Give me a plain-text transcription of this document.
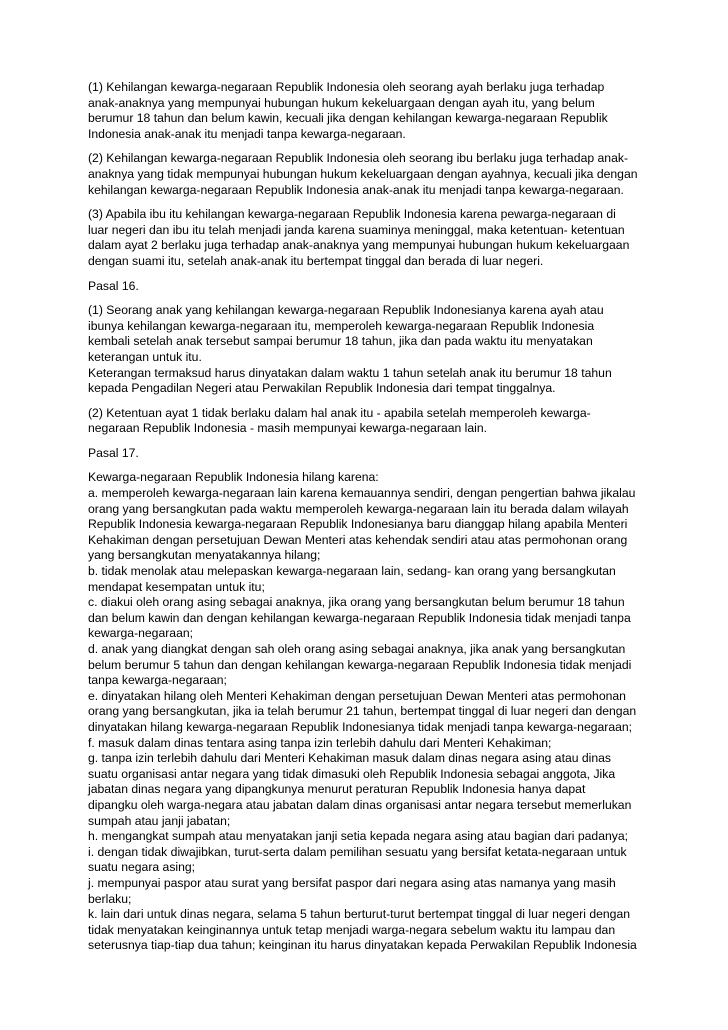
(1) Kehilangan kewarga-negaraan Republik Indonesia oleh seorang ayah berlaku juga terhadap
anak-anaknya yang mempunyai hubungan hukum kekeluargaan dengan ayah itu, yang belum
berumur 18 tahun dan belum kawin, kecuali jika dengan kehilangan kewarga-negaraan Republik
Indonesia anak-anak itu menjadi tanpa kewarga-negaraan.
(2) Kehilangan kewarga-negaraan Republik Indonesia oleh seorang ibu berlaku juga terhadap anak-
anaknya yang tidak mempunyai hubungan hukum kekeluargaan dengan ayahnya, kecuali jika dengan
kehilangan kewarga-negaraan Republik Indonesia anak-anak itu menjadi tanpa kewarga-negaraan.
(3) Apabila ibu itu kehilangan kewarga-negaraan Republik Indonesia karena pewarga-negaraan di
luar negeri dan ibu itu telah menjadi janda karena suaminya meninggal, maka ketentuan- ketentuan
dalam ayat 2 berlaku juga terhadap anak-anaknya yang mempunyai hubungan hukum kekeluargaan
dengan suami itu, setelah anak-anak itu bertempat tinggal dan berada di luar negeri.
Pasal 16.
(1) Seorang anak yang kehilangan kewarga-negaraan Republik Indonesianya karena ayah atau
ibunya kehilangan kewarga-negaraan itu, memperoleh kewarga-negaraan Republik Indonesia
kembali setelah anak tersebut sampai berumur 18 tahun, jika dan pada waktu itu menyatakan
keterangan untuk itu.
Keterangan termaksud harus dinyatakan dalam waktu 1 tahun setelah anak itu berumur 18 tahun
kepada Pengadilan Negeri atau Perwakilan Republik Indonesia dari tempat tinggalnya.
(2) Ketentuan ayat 1 tidak berlaku dalam hal anak itu - apabila setelah memperoleh kewarga-
negaraan Republik Indonesia - masih mempunyai kewarga-negaraan lain.
Pasal 17.
Kewarga-negaraan Republik Indonesia hilang karena:
a. memperoleh kewarga-negaraan lain karena kemauannya sendiri, dengan pengertian bahwa jikalau
orang yang bersangkutan pada waktu memperoleh kewarga-negaraan lain itu berada dalam wilayah
Republik Indonesia kewarga-negaraan Republik Indonesianya baru dianggap hilang apabila Menteri
Kehakiman dengan persetujuan Dewan Menteri atas kehendak sendiri atau atas permohonan orang
yang bersangkutan menyatakannya hilang;
b. tidak menolak atau melepaskan kewarga-negaraan lain, sedang- kan orang yang bersangkutan
mendapat kesempatan untuk itu;
c. diakui oleh orang asing sebagai anaknya, jika orang yang bersangkutan belum berumur 18 tahun
dan belum kawin dan dengan kehilangan kewarga-negaraan Republik Indonesia tidak menjadi tanpa
kewarga-negaraan;
d. anak yang diangkat dengan sah oleh orang asing sebagai anaknya, jika anak yang bersangkutan
belum berumur 5 tahun dan dengan kehilangan kewarga-negaraan Republik Indonesia tidak menjadi
tanpa kewarga-negaraan;
e. dinyatakan hilang oleh Menteri Kehakiman dengan persetujuan Dewan Menteri atas permohonan
orang yang bersangkutan, jika ia telah berumur 21 tahun, bertempat tinggal di luar negeri dan dengan
dinyatakan hilang kewarga-negaraan Republik Indonesianya tidak menjadi tanpa kewarga-negaraan;
f. masuk dalam dinas tentara asing tanpa izin terlebih dahulu dari Menteri Kehakiman;
g. tanpa izin terlebih dahulu dari Menteri Kehakiman masuk dalam dinas negara asing atau dinas
suatu organisasi antar negara yang tidak dimasuki oleh Republik Indonesia sebagai anggota, Jika
jabatan dinas negara yang dipangkunya menurut peraturan Republik Indonesia hanya dapat
dipangku oleh warga-negara atau jabatan dalam dinas organisasi antar negara tersebut memerlukan
sumpah atau janji jabatan;
h. mengangkat sumpah atau menyatakan janji setia kepada negara asing atau bagian dari padanya;
i. dengan tidak diwajibkan, turut-serta dalam pemilihan sesuatu yang bersifat ketata-negaraan untuk
suatu negara asing;
j. mempunyai paspor atau surat yang bersifat paspor dari negara asing atas namanya yang masih
berlaku;
k. lain dari untuk dinas negara, selama 5 tahun berturut-turut bertempat tinggal di luar negeri dengan
tidak menyatakan keinginannya untuk tetap menjadi warga-negara sebelum waktu itu lampau dan
seterusnya tiap-tiap dua tahun; keinginan itu harus dinyatakan kepada Perwakilan Republik Indonesia
